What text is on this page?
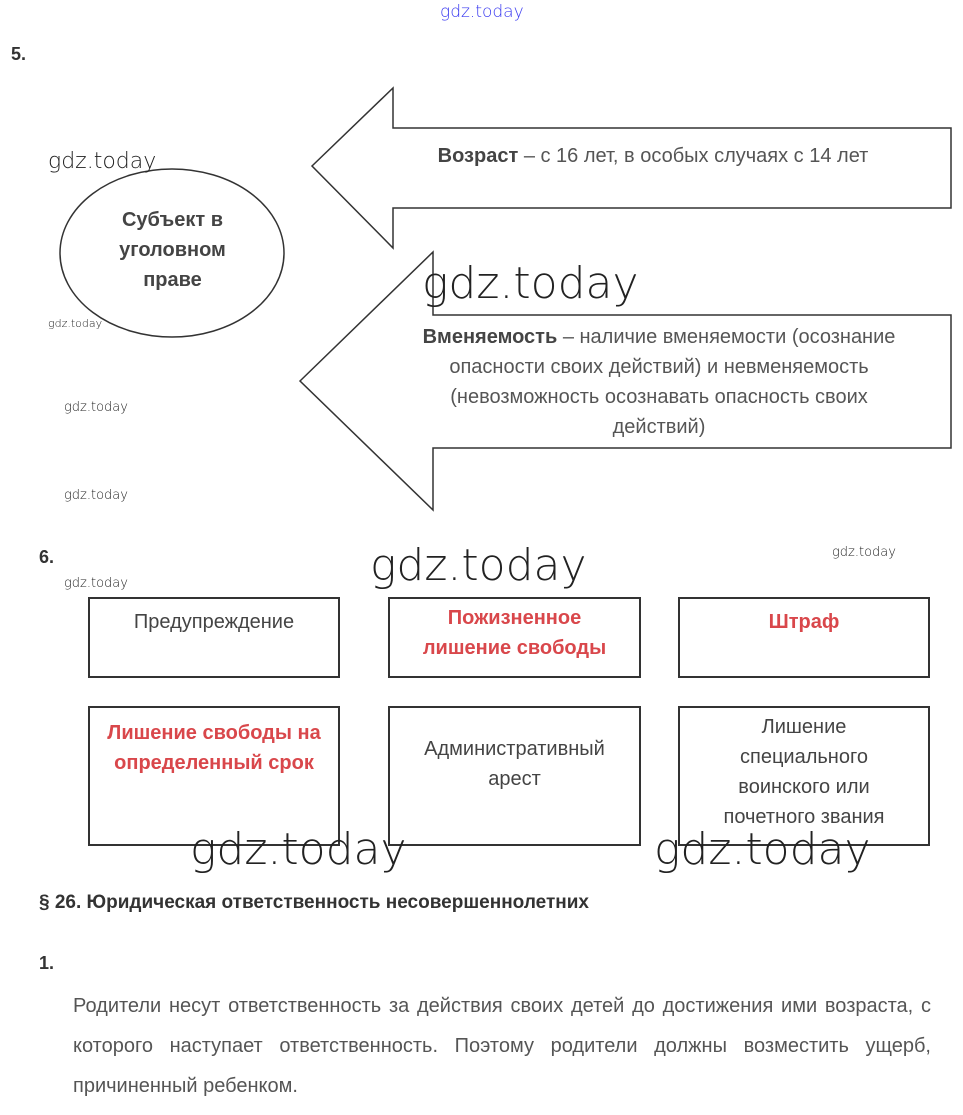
gdz.today
5.
Субъект в
уголовном
праве
Возраст – с 16 лет, в особых случаях с 14 лет
Вменяемость – наличие вменяемости (осознание
опасности своих действий) и невменяемость
(невозможность осознавать опасность своих
действий)
gdz.today
gdz.today
gdz.today
gdz.today
gdz.today
6.	gdz.today
gdz.today	gdz.today
Предупреждение	Пожизненное лишение свободы
Штраф
Лишение свободы на определенный срок
Административный арест
Лишение специального воинского или почетного звания
gdz.today	gdz.today
§ 26. Юридическая ответственность несовершеннолетних
1.
Родители несут ответственность за действия своих детей до достижения ими возраста, с которого наступает ответственность. Поэтому родители должны возместить ущерб, причиненный ребенком.
